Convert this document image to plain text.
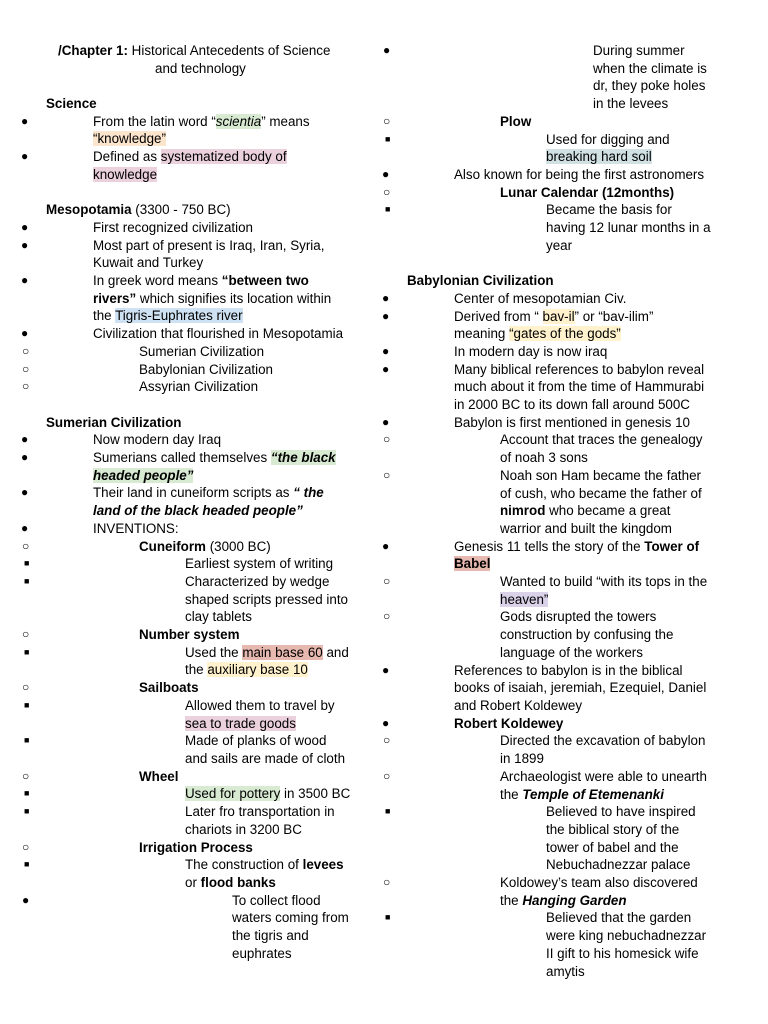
/Chapter 1: Historical Antecedents of Science
and technology
Science
●	From the latin word “scientia” means
“knowledge”
●	Defined as systematized body of
knowledge
Mesopotamia (3300 - 750 BC)
●	First recognized civilization
●	Most part of present is Iraq, Iran, Syria,
Kuwait and Turkey
●	In greek word means “between two
rivers” which signifies its location within
the Tigris-Euphrates river
●	Civilization that flourished in Mesopotamia
○	Sumerian Civilization
○	Babylonian Civilization
○	Assyrian Civilization
Sumerian Civilization
●	Now modern day Iraq
●	Sumerians called themselves “the black
headed people”
●	Their land in cuneiform scripts as “ the
land of the black headed people”
●	INVENTIONS:
○	Cuneiform (3000 BC)
■	Earliest system of writing
■	Characterized by wedge
shaped scripts pressed into
clay tablets
○	Number system
■	Used the main base 60 and
the auxiliary base 10
○	Sailboats
■	Allowed them to travel by
sea to trade goods
■	Made of planks of wood
and sails are made of cloth
○	Wheel
■	Used for pottery in 3500 BC
■	Later fro transportation in
chariots in 3200 BC
○	Irrigation Process
■	The construction of levees
or flood banks
●	To collect flood
waters coming from
the tigris and
euphrates
●	During summer
when the climate is
dr, they poke holes
in the levees
○	Plow
■	Used for digging and
breaking hard soil
●	Also known for being the first astronomers
○	Lunar Calendar (12months)
■	Became the basis for
having 12 lunar months in a
year
Babylonian Civilization
●	Center of mesopotamian Civ.
●	Derived from “ bav-il” or “bav-ilim”
meaning “gates of the gods”
●	In modern day is now iraq
●	Many biblical references to babylon reveal
much about it from the time of Hammurabi
in 2000 BC to its down fall around 500C
●	Babylon is first mentioned in genesis 10
○	Account that traces the genealogy
of noah 3 sons
○	Noah son Ham became the father
of cush, who became the father of
nimrod who became a great
warrior and built the kingdom
●	Genesis 11 tells the story of the Tower of
Babel
○	Wanted to build “with its tops in the
heaven”
○	Gods disrupted the towers
construction by confusing the
language of the workers
●	References to babylon is in the biblical
books of isaiah, jeremiah, Ezequiel, Daniel
and Robert Koldewey
●	Robert Koldewey
○	Directed the excavation of babylon
in 1899
○	Archaeologist were able to unearth
the Temple of Etemenanki
■	Believed to have inspired
the biblical story of the
tower of babel and the
Nebuchadnezzar palace
○	Koldowey’s team also discovered
the Hanging Garden
■	Believed that the garden
were king nebuchadnezzar
II gift to his homesick wife
amytis
